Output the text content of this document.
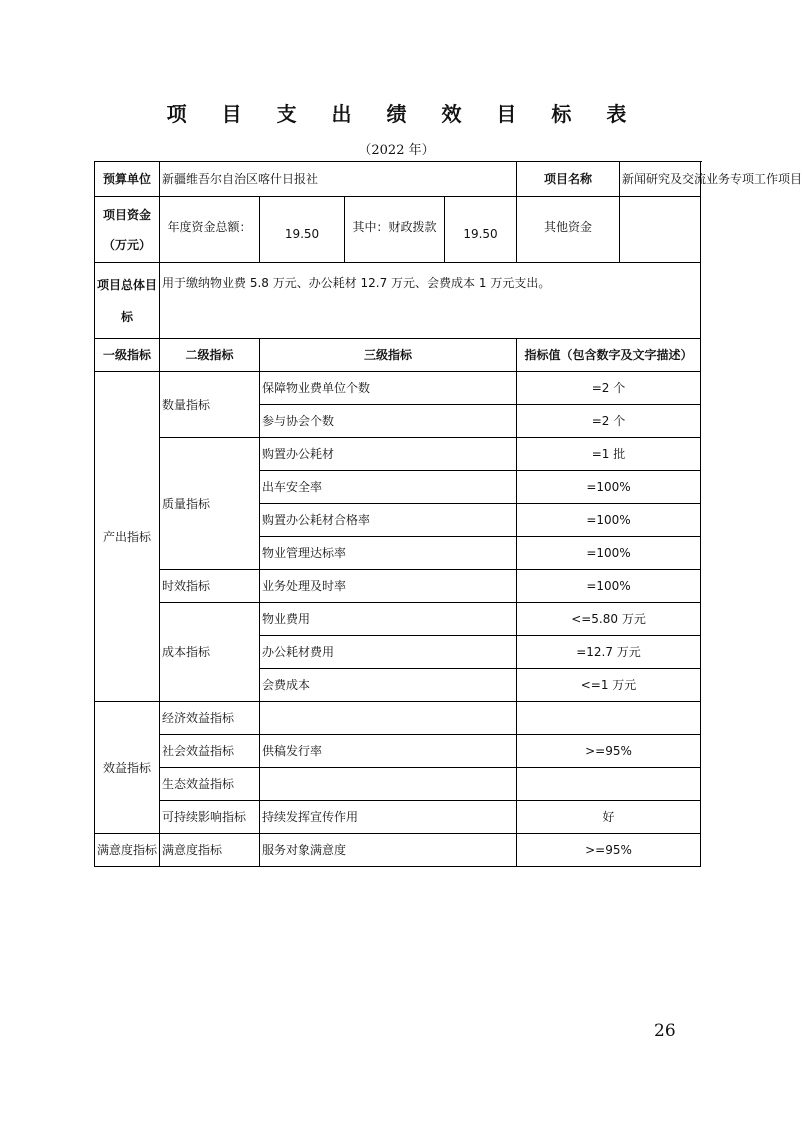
项 目 支 出 绩 效 目 标 表
（2022 年）
预算单位	新疆维吾尔自治区喀什日报社				项目名称	新闻研究及交流业务专项工作项目

项目资金
（万元）	年度资金总额：	19.50	其中：财政拨款	19.50	其他资金	

项目总体目
标	用于缴纳物业费 5.8 万元、办公耗材 12.7 万元、会费成本 1 万元支出。					
一级指标	二级指标	三级指标			指标值（包含数字及文字描述）	
产出指标	数量指标	保障物业费单位个数			=2 个	
		参与协会个数			=2 个	
	质量指标	购置办公耗材			=1 批	
		出车安全率			=100%	
		购置办公耗材合格率			=100%	
		物业管理达标率			=100%	
	时效指标	业务处理及时率			=100%	
	成本指标	物业费用			<=5.80 万元	
		办公耗材费用			=12.7 万元	
		会费成本			<=1 万元	
效益指标	经济效益指标					
	社会效益指标	供稿发行率			>=95%	
	生态效益指标					
	可持续影响指标	持续发挥宣传作用			好	
满意度指标	满意度指标	服务对象满意度			>=95%	
26
